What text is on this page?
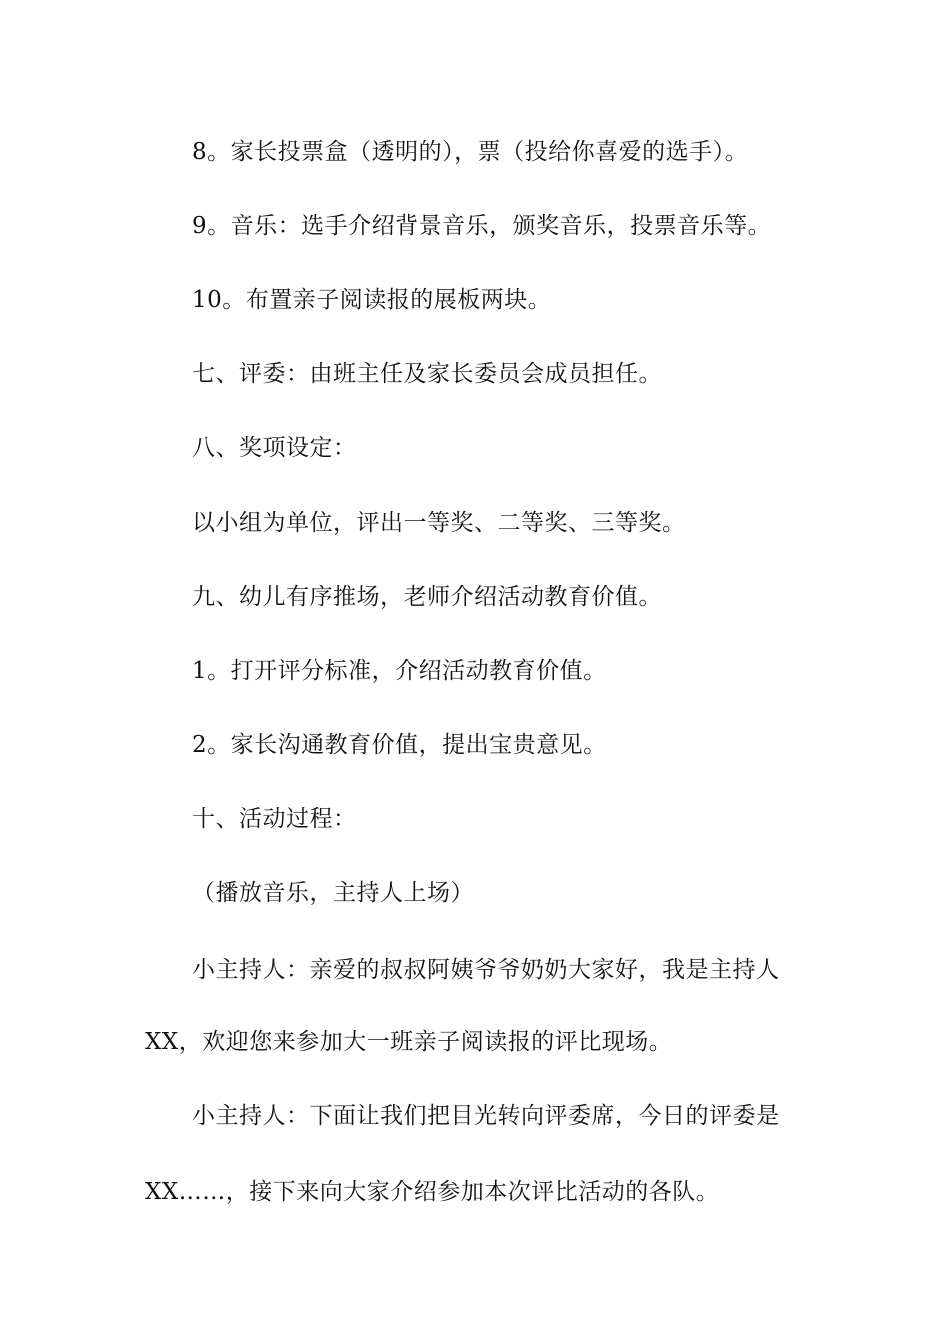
8。家长投票盒（透明的），票（投给你喜爱的选手）。
9。音乐：选手介绍背景音乐，颁奖音乐，投票音乐等。
10。布置亲子阅读报的展板两块。
七、评委：由班主任及家长委员会成员担任。
八、奖项设定：
以小组为单位，评出一等奖、二等奖、三等奖。
九、幼儿有序推场，老师介绍活动教育价值。
1。打开评分标准，介绍活动教育价值。
2。家长沟通教育价值，提出宝贵意见。
十、活动过程：
（播放音乐，主持人上场）
小主持人：亲爱的叔叔阿姨爷爷奶奶大家好，我是主持人
XX，欢迎您来参加大一班亲子阅读报的评比现场。
小主持人：下面让我们把目光转向评委席，今日的评委是
XX……，接下来向大家介绍参加本次评比活动的各队。
